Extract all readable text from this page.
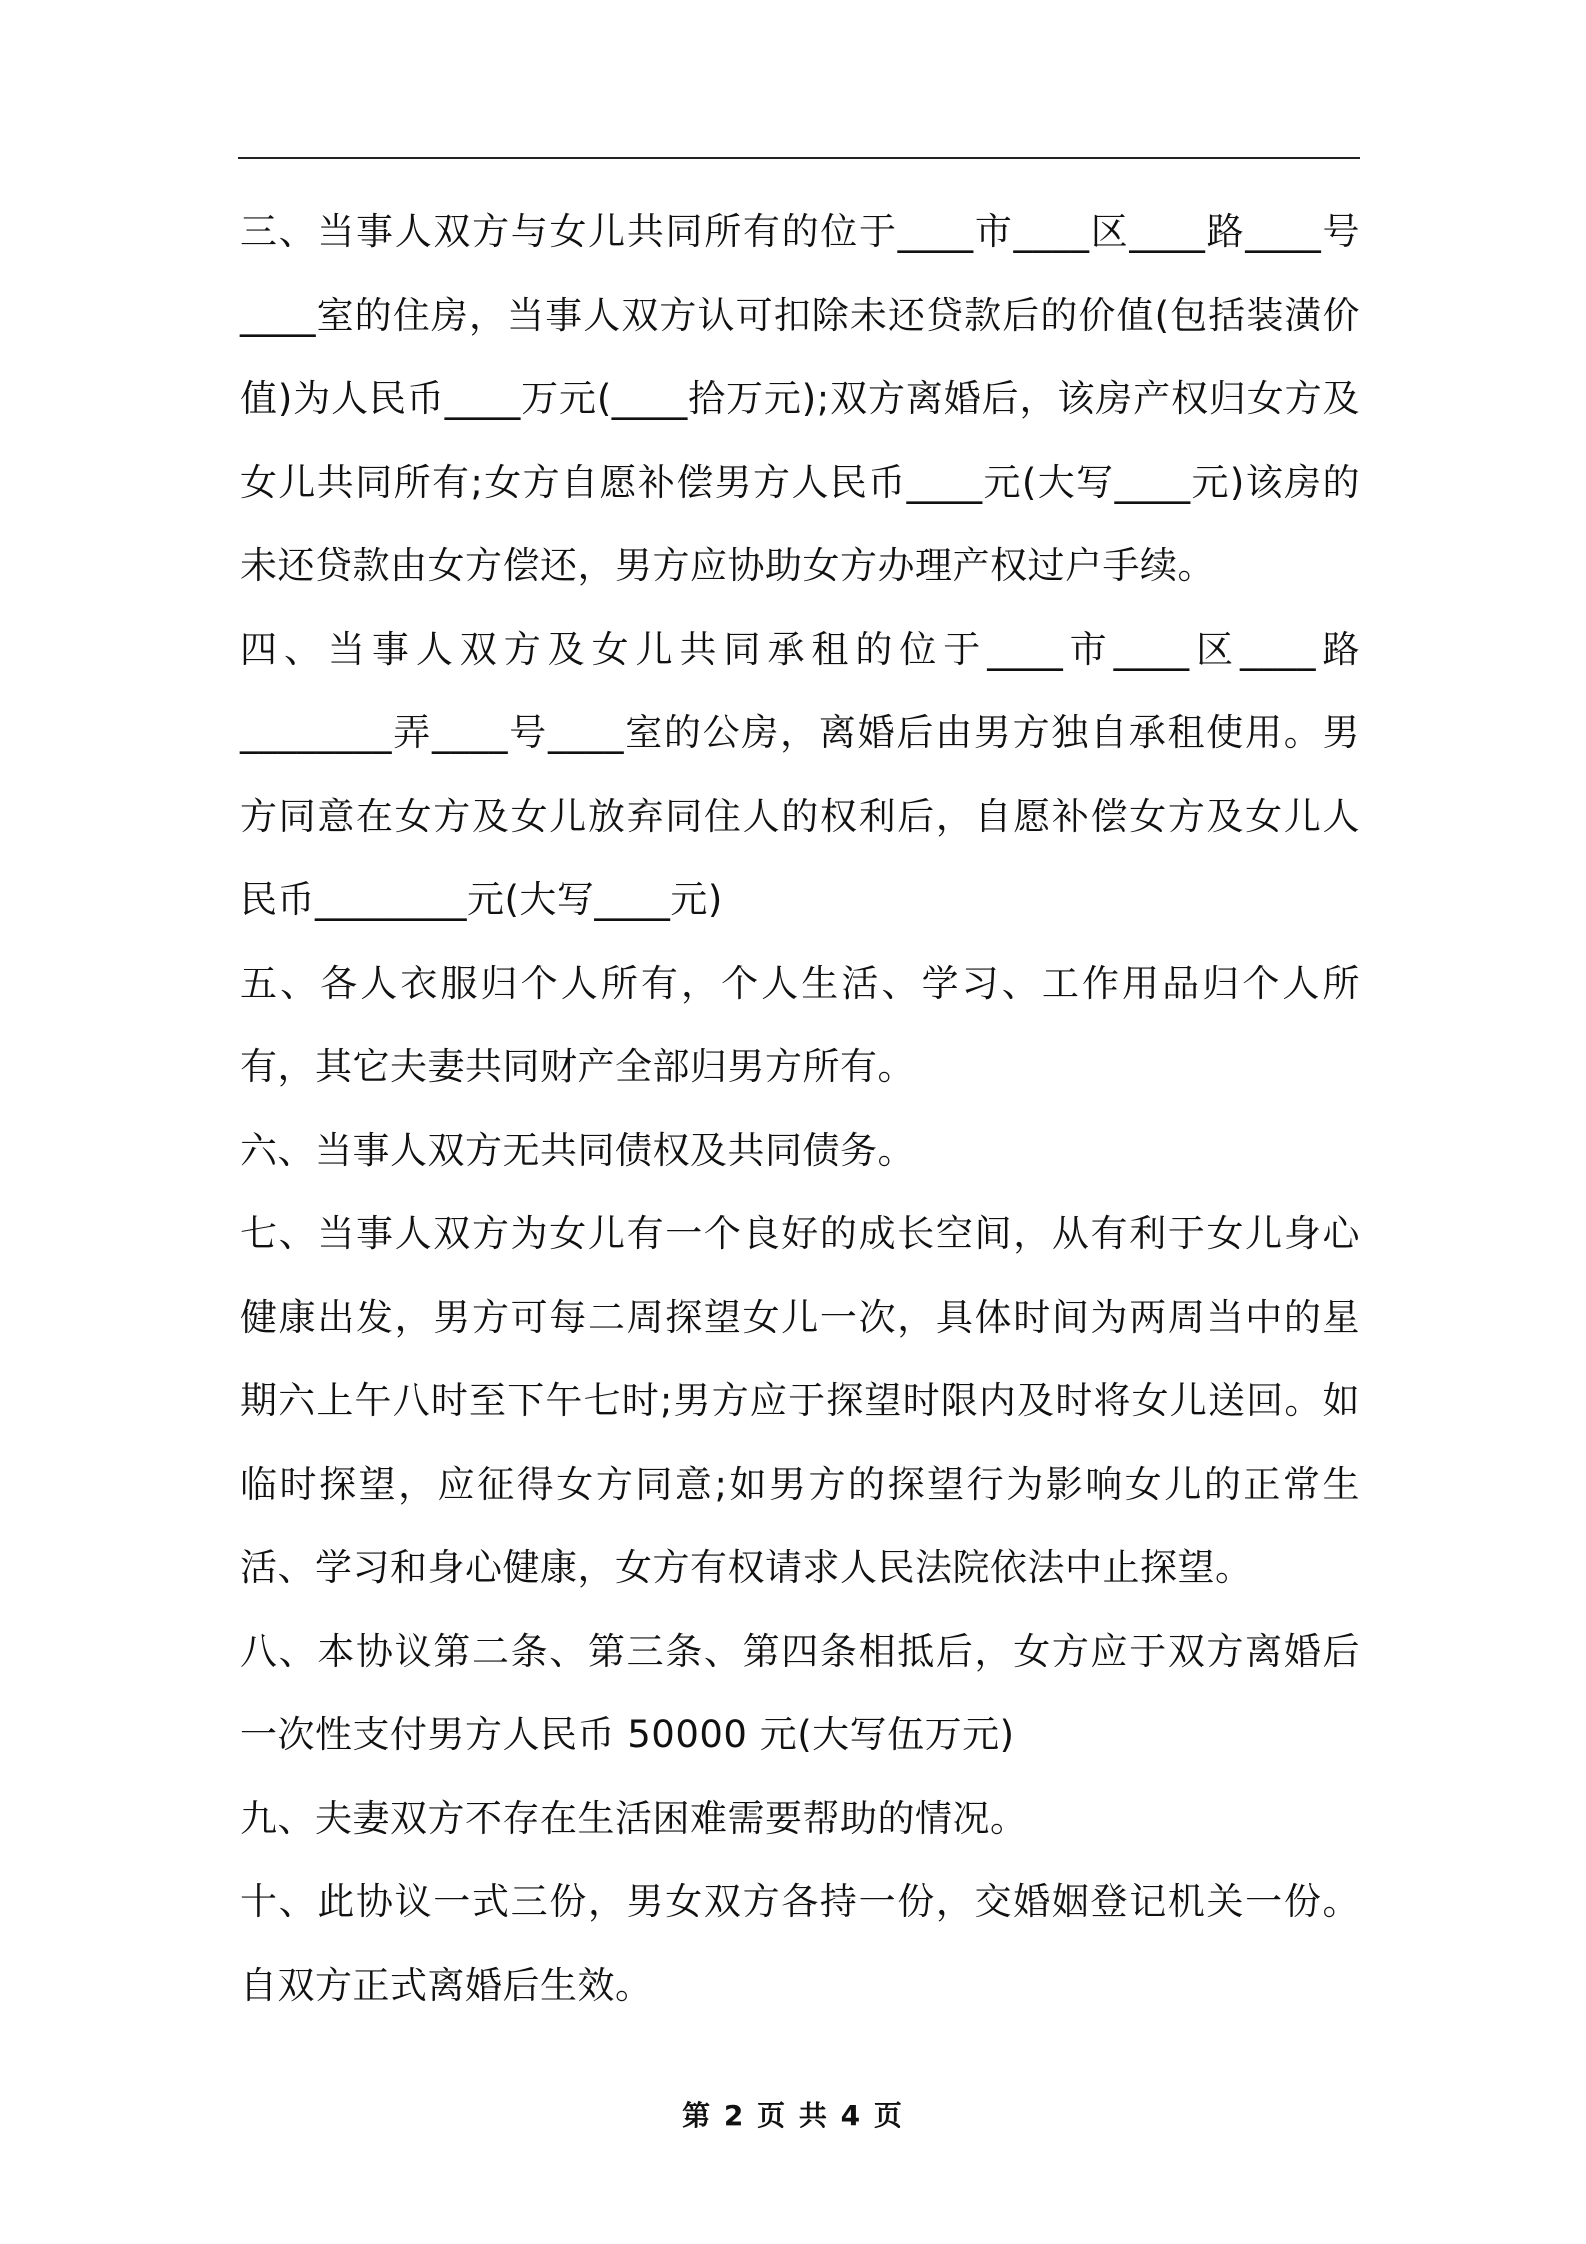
三、当事人双方与女儿共同所有的位于____市____区____路____号____室的住房，当事人双方认可扣除未还贷款后的价值(包括装潢价值)为人民币____万元(____拾万元);双方离婚后，该房产权归女方及女儿共同所有;女方自愿补偿男方人民币____元(大写____元)该房的未还贷款由女方偿还，男方应协助女方办理产权过户手续。

四、当事人双方及女儿共同承租的位于____市____区____路________弄____号____室的公房，离婚后由男方独自承租使用。男方同意在女方及女儿放弃同住人的权利后，自愿补偿女方及女儿人民币________元(大写____元)

五、各人衣服归个人所有，个人生活、学习、工作用品归个人所有，其它夫妻共同财产全部归男方所有。

六、当事人双方无共同债权及共同债务。

七、当事人双方为女儿有一个良好的成长空间，从有利于女儿身心健康出发，男方可每二周探望女儿一次，具体时间为两周当中的星期六上午八时至下午七时;男方应于探望时限内及时将女儿送回。如临时探望，应征得女方同意;如男方的探望行为影响女儿的正常生活、学习和身心健康，女方有权请求人民法院依法中止探望。

八、本协议第二条、第三条、第四条相抵后，女方应于双方离婚后一次性支付男方人民币 50000 元(大写伍万元)

九、夫妻双方不存在生活困难需要帮助的情况。

十、此协议一式三份，男女双方各持一份，交婚姻登记机关一份。自双方正式离婚后生效。

第 2 页 共 4 页
